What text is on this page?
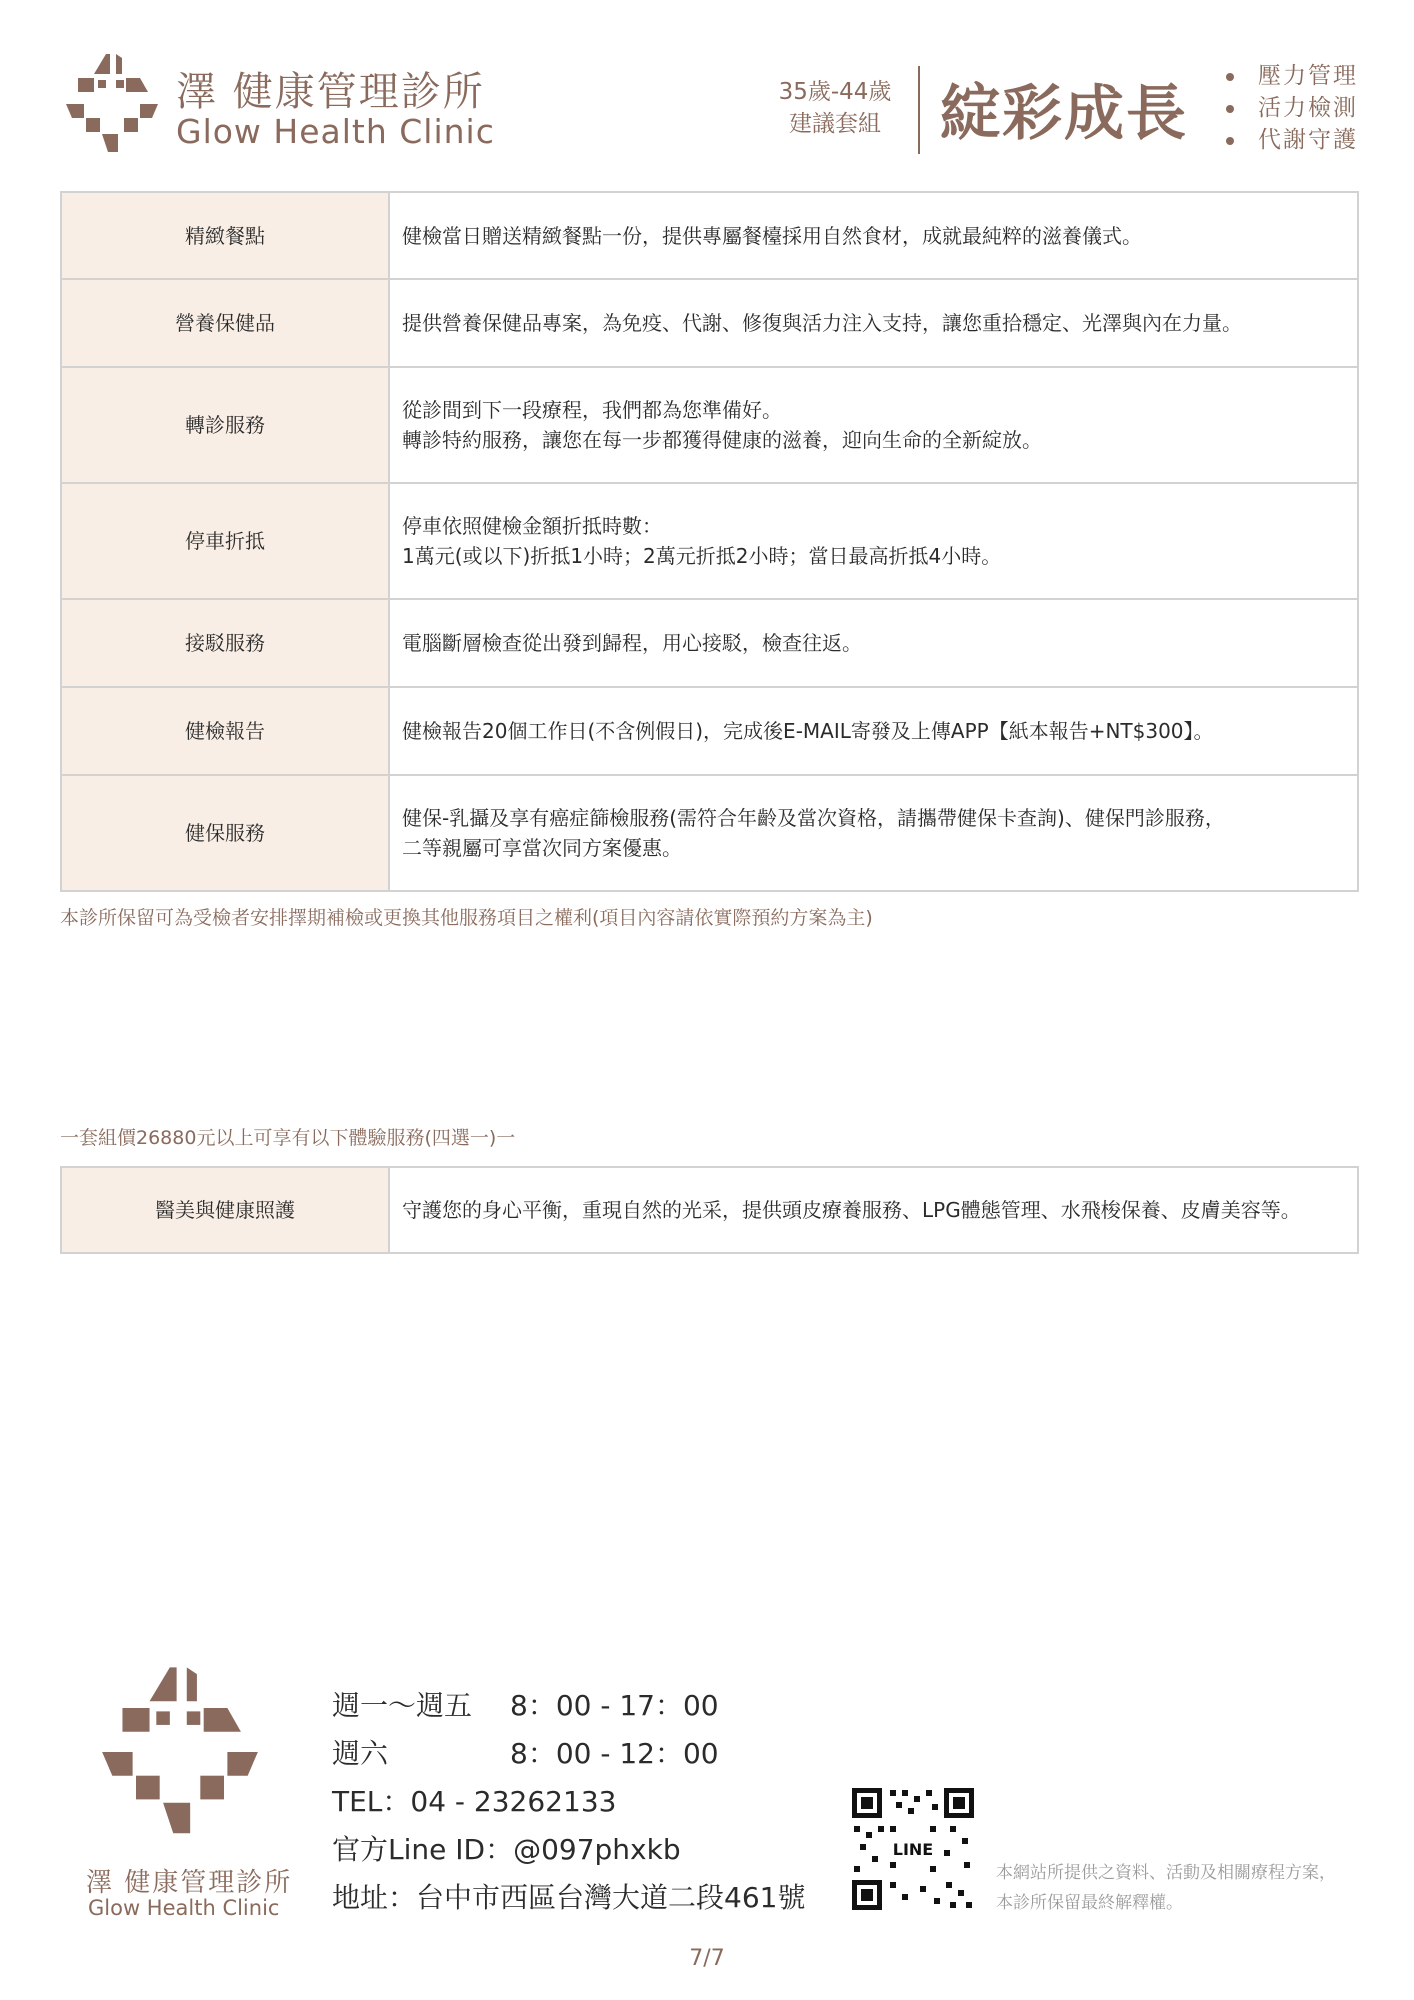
澤 健康管理診所
Glow Health Clinic
35歲-44歲
建議套組 綻彩成長
壓力管理
活力檢測
代謝守護
精緻餐點	健檢當日贈送精緻餐點一份，提供專屬餐檯採用自然食材，成就最純粹的滋養儀式。

營養保健品	提供營養保健品專案，為免疫、代謝、修復與活力注入支持，讓您重拾穩定、光澤與內在力量。

轉診服務	從診間到下一段療程，我們都為您準備好。
轉診特約服務，讓您在每一步都獲得健康的滋養，迎向生命的全新綻放。

停車折抵	停車依照健檢金額折抵時數：
1萬元(或以下)折抵1小時；2萬元折抵2小時；當日最高折抵4小時。

接駁服務	電腦斷層檢查從出發到歸程，用心接駁，檢查往返。

健檢報告	健檢報告20個工作日(不含例假日)，完成後E-MAIL寄發及上傳APP【紙本報告+NT$300】。

健保服務	健保-乳攝及享有癌症篩檢服務(需符合年齡及當次資格，請攜帶健保卡查詢)、健保門診服務，
二等親屬可享當次同方案優惠。
本診所保留可為受檢者安排擇期補檢或更換其他服務項目之權利(項目內容請依實際預約方案為主)
一套組價26880元以上可享有以下體驗服務(四選一)一
醫美與健康照護	守護您的身心平衡，重現自然的光采，提供頭皮療養服務、LPG體態管理、水飛梭保養、皮膚美容等。
澤 健康管理診所
Glow Health Clinic
週一～週五 8：00 - 17：00
週六	8：00 - 12：00
TEL：04 - 23262133
官方Line ID：@097phxkb
地址：台中市西區台灣大道二段461號
LINE
本網站所提供之資料、活動及相關療程方案，
本診所保留最終解釋權。
7/7
